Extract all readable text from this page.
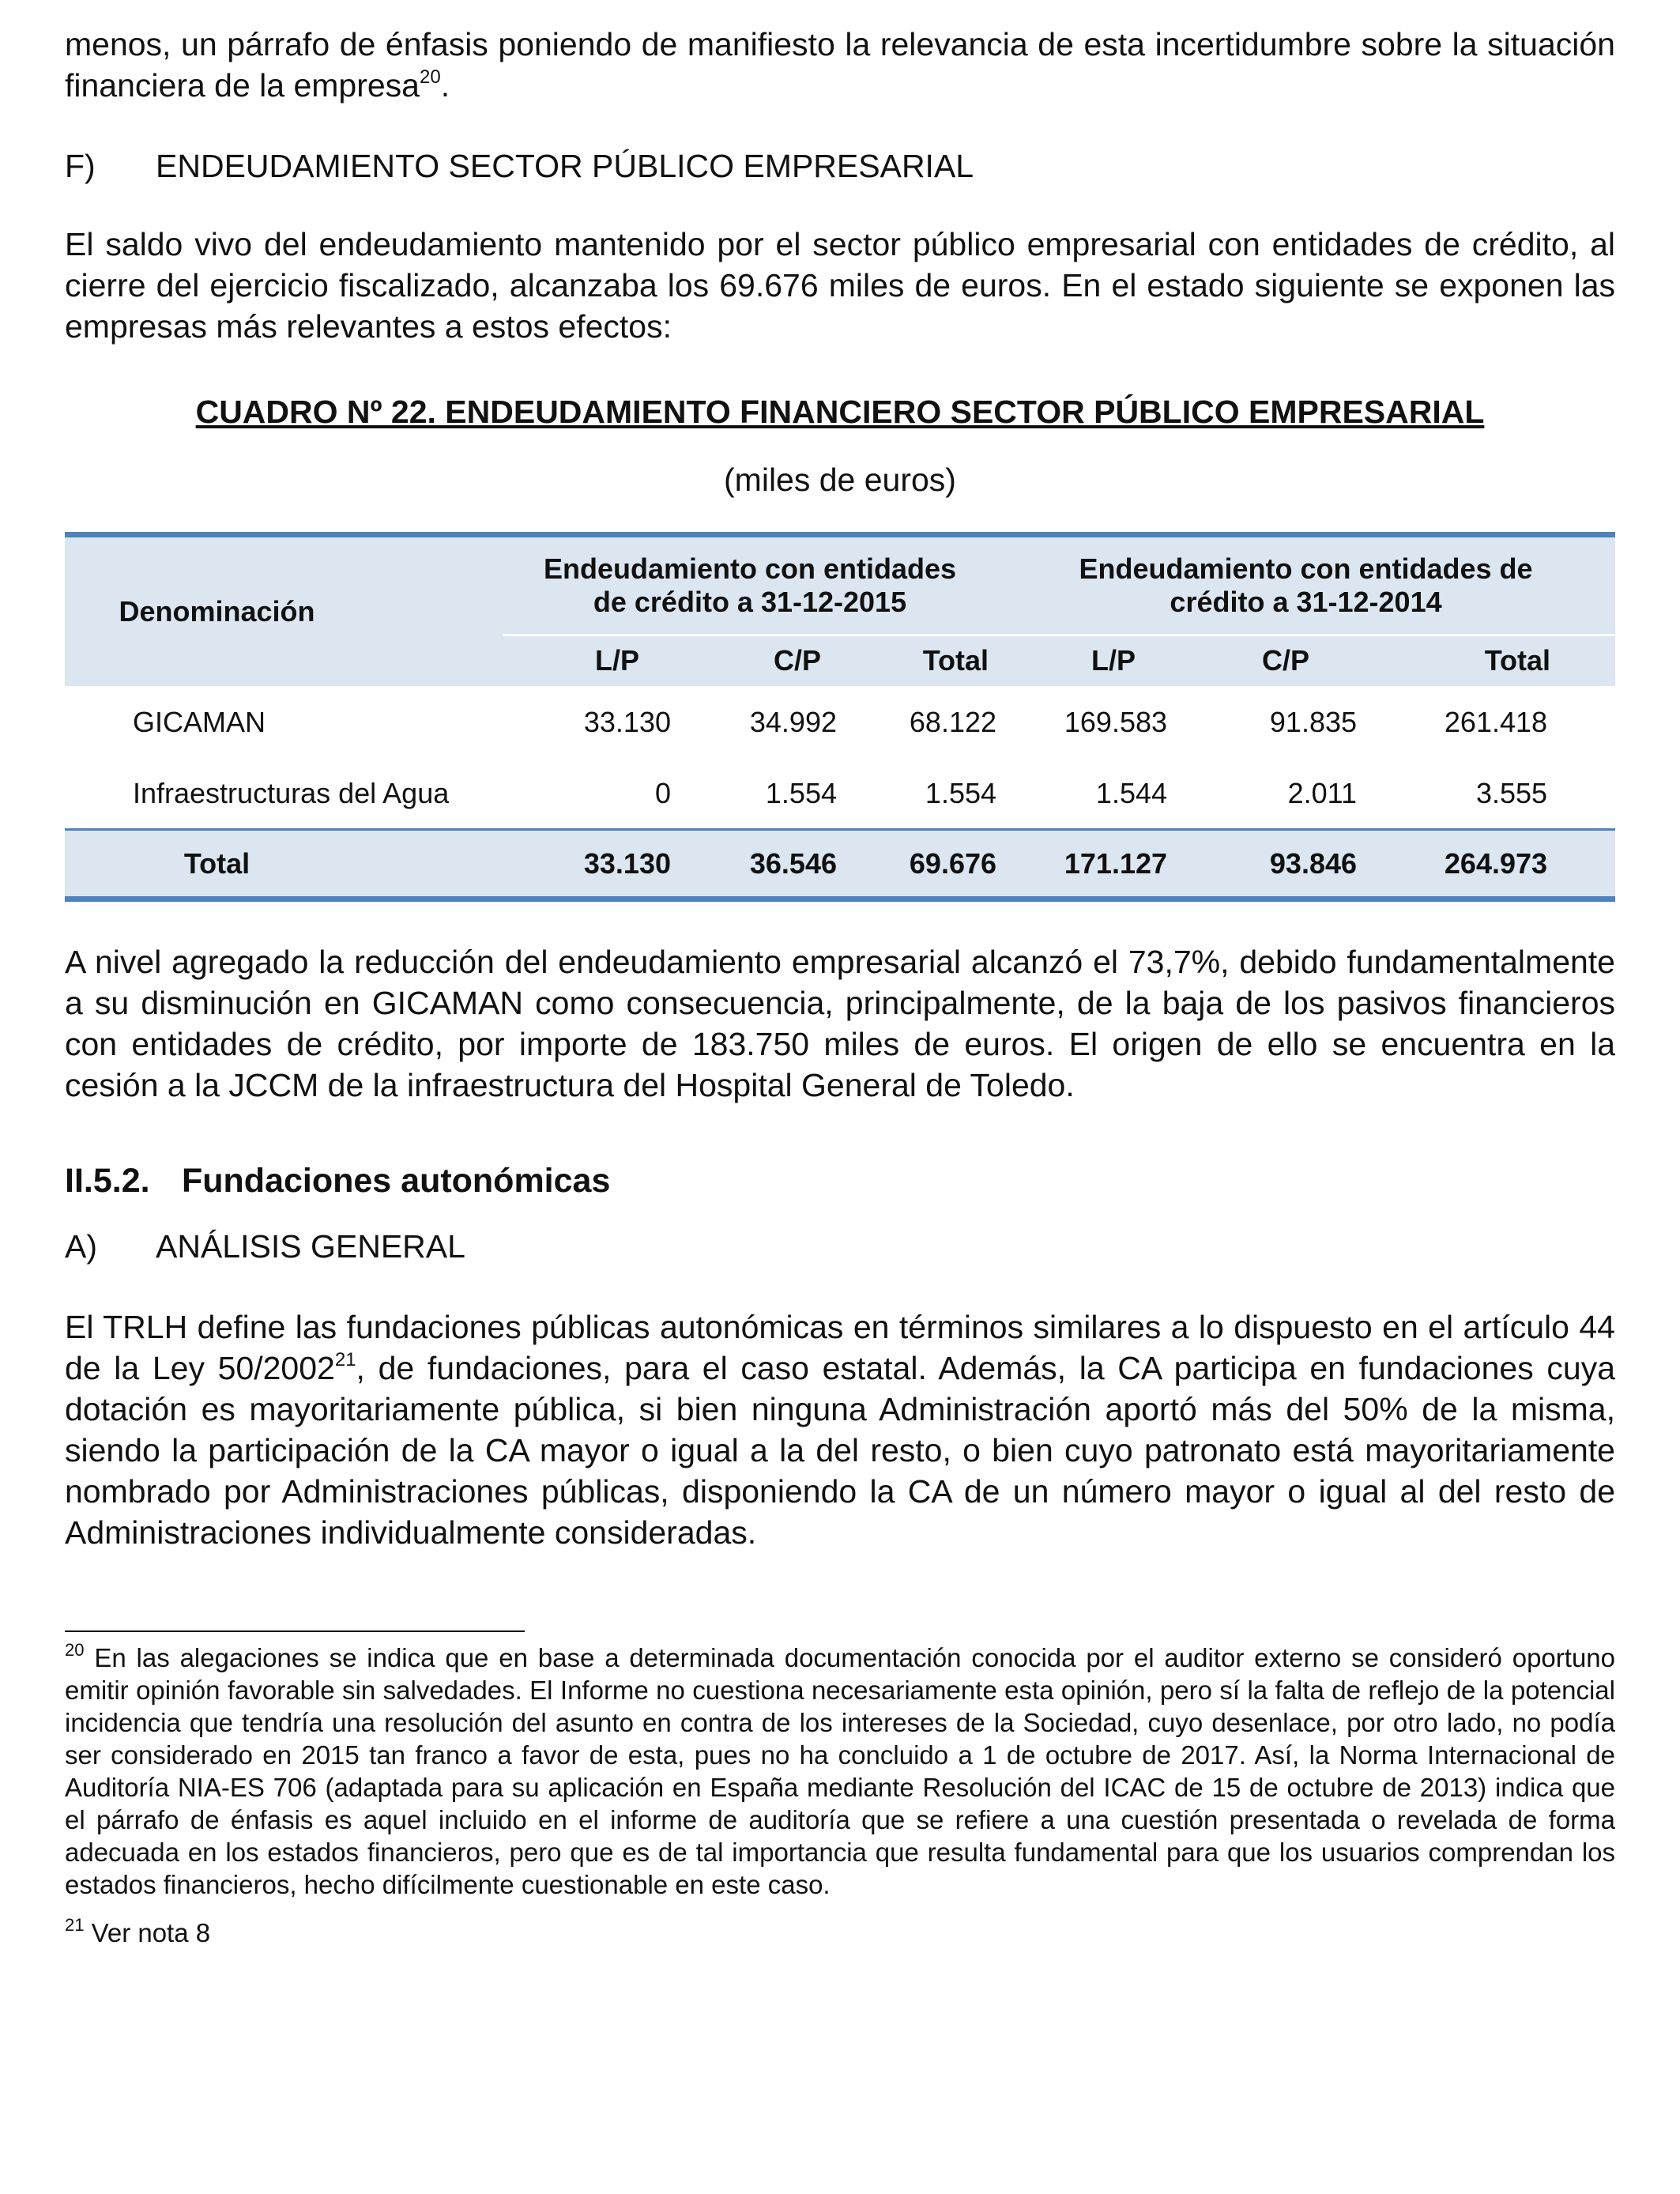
menos, un párrafo de énfasis poniendo de manifiesto la relevancia de esta incertidumbre sobre la situación financiera de la empresa$^{20}$.

F)	ENDEUDAMIENTO SECTOR PÚBLICO EMPRESARIAL

El saldo vivo del endeudamiento mantenido por el sector público empresarial con entidades de crédito, al cierre del ejercicio fiscalizado, alcanzaba los 69.676 miles de euros. En el estado siguiente se exponen las empresas más relevantes a estos efectos:

CUADRO Nº 22. ENDEUDAMIENTO FINANCIERO SECTOR PÚBLICO EMPRESARIAL

(miles de euros)

Denominación	Endeudamiento con entidades de crédito a 31-12-2015			Endeudamiento con entidades de crédito a 31-12-2014		
	L/P	C/P	Total	L/P	C/P	Total
GICAMAN	33.130	34.992	68.122	169.583	91.835	261.418
Infraestructuras del Agua	0	1.554	1.554	1.544	2.011	3.555
Total	33.130	36.546	69.676	171.127	93.846	264.973

A nivel agregado la reducción del endeudamiento empresarial alcanzó el 73,7%, debido fundamentalmente a su disminución en GICAMAN como consecuencia, principalmente, de la baja de los pasivos financieros con entidades de crédito, por importe de 183.750 miles de euros. El origen de ello se encuentra en la cesión a la JCCM de la infraestructura del Hospital General de Toledo.

II.5.2. Fundaciones autonómicas
A)	ANÁLISIS GENERAL

El TRLH define las fundaciones públicas autonómicas en términos similares a lo dispuesto en el artículo 44 de la Ley 50/2002$^{21}$, de fundaciones, para el caso estatal. Además, la CA participa en fundaciones cuya dotación es mayoritariamente pública, si bien ninguna Administración aportó más del 50% de la misma, siendo la participación de la CA mayor o igual a la del resto, o bien cuyo patronato está mayoritariamente nombrado por Administraciones públicas, disponiendo la CA de un número mayor o igual al del resto de Administraciones individualmente consideradas.

$^{20}$ En las alegaciones se indica que en base a determinada documentación conocida por el auditor externo se consideró oportuno emitir opinión favorable sin salvedades. El Informe no cuestiona necesariamente esta opinión, pero sí la falta de reflejo de la potencial incidencia que tendría una resolución del asunto en contra de los intereses de la Sociedad, cuyo desenlace, por otro lado, no podía ser considerado en 2015 tan franco a favor de esta, pues no ha concluido a 1 de octubre de 2017. Así, la Norma Internacional de Auditoría NIA-ES 706 (adaptada para su aplicación en España mediante Resolución del ICAC de 15 de octubre de 2013) indica que el párrafo de énfasis es aquel incluido en el informe de auditoría que se refiere a una cuestión presentada o revelada de forma adecuada en los estados financieros, pero que es de tal importancia que resulta fundamental para que los usuarios comprendan los estados financieros, hecho difícilmente cuestionable en este caso.

$^{21}$ Ver nota 8
